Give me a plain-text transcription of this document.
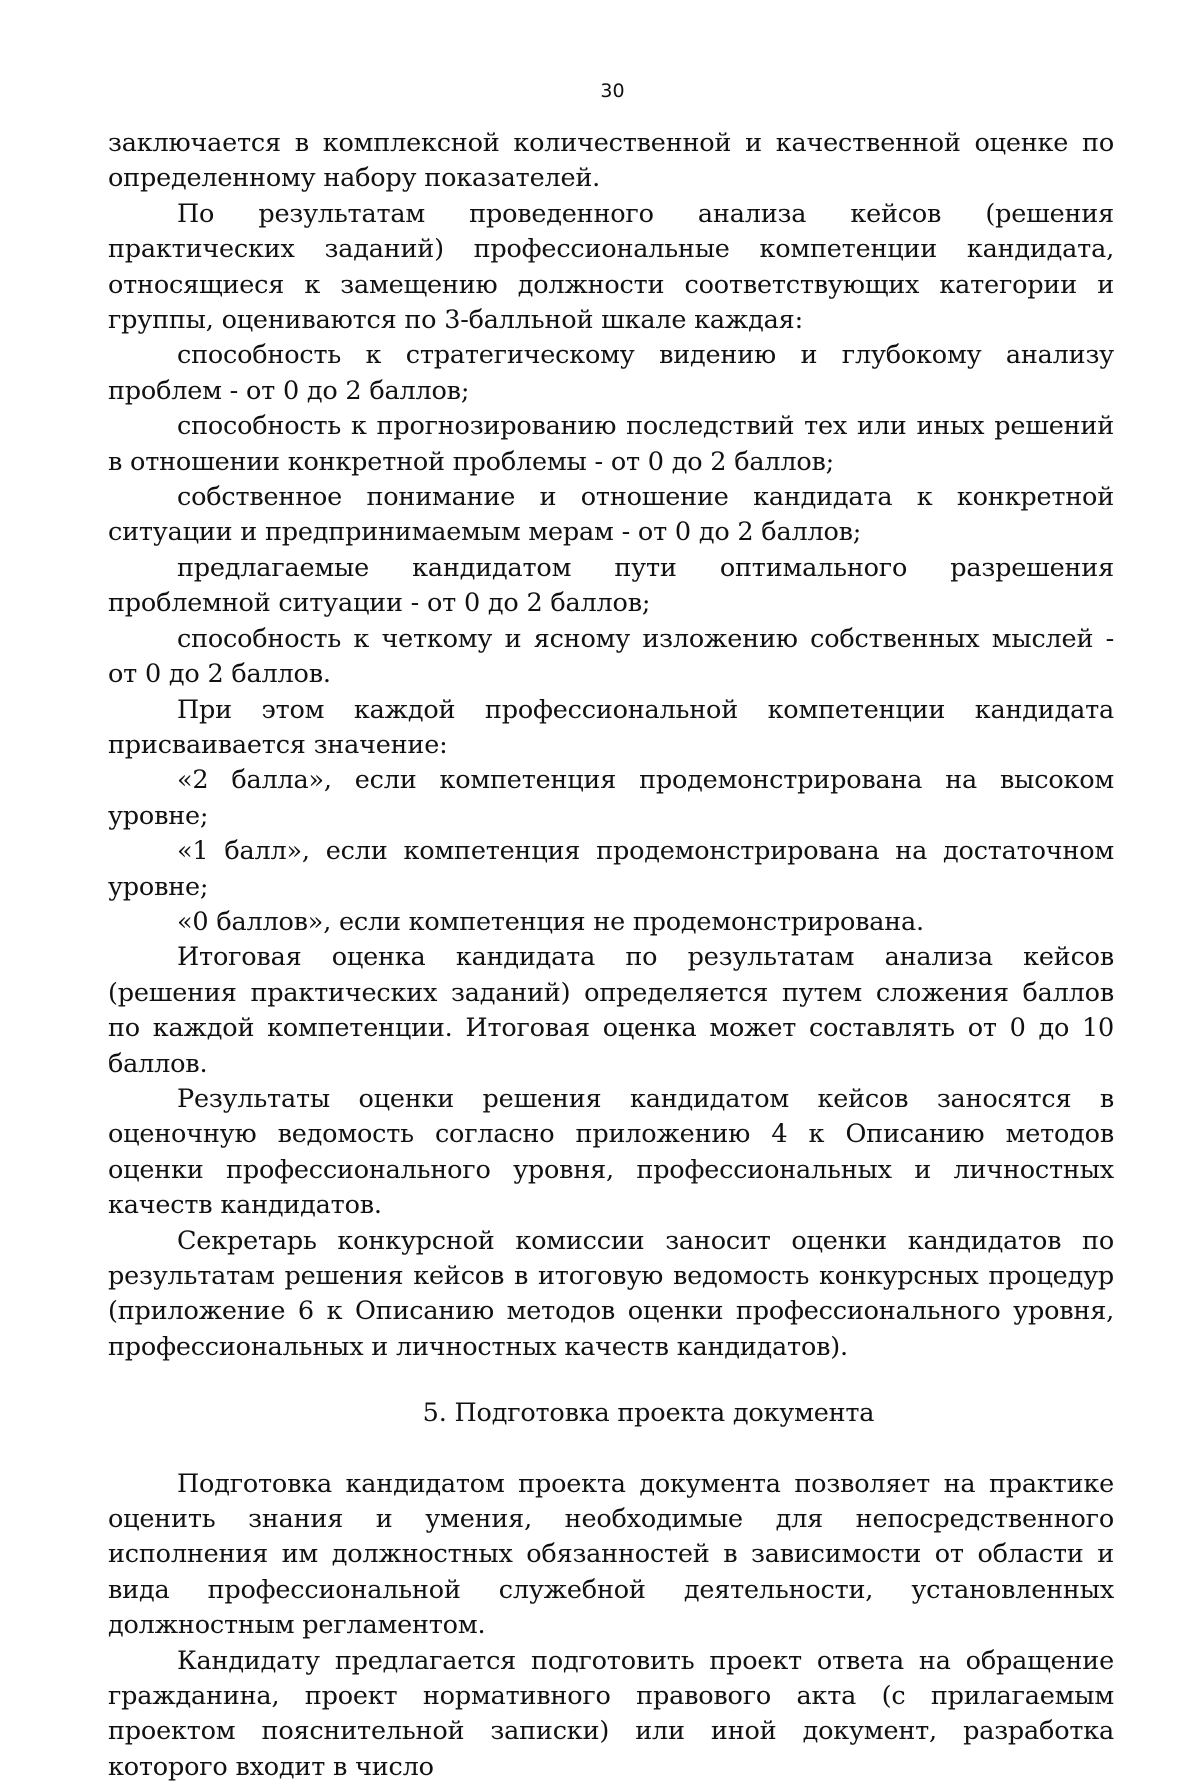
30

заключается в комплексной количественной и качественной оценке по определенному набору показателей.

По результатам проведенного анализа кейсов (решения практических заданий) профессиональные компетенции кандидата, относящиеся к замещению должности соответствующих категории и группы, оцениваются по 3-балльной шкале каждая:

способность к стратегическому видению и глубокому анализу проблем - от 0 до 2 баллов;

способность к прогнозированию последствий тех или иных решений в отношении конкретной проблемы - от 0 до 2 баллов;

собственное понимание и отношение кандидата к конкретной ситуации и предпринимаемым мерам - от 0 до 2 баллов;

предлагаемые кандидатом пути оптимального разрешения проблемной ситуации - от 0 до 2 баллов;

способность к четкому и ясному изложению собственных мыслей - от 0 до 2 баллов.

При этом каждой профессиональной компетенции кандидата присваивается значение:

«2 балла», если компетенция продемонстрирована на высоком уровне;

«1 балл», если компетенция продемонстрирована на достаточном уровне;

«0 баллов», если компетенция не продемонстрирована.

Итоговая оценка кандидата по результатам анализа кейсов (решения практических заданий) определяется путем сложения баллов по каждой компетенции. Итоговая оценка может составлять от 0 до 10 баллов.

Результаты оценки решения кандидатом кейсов заносятся в оценочную ведомость согласно приложению 4 к Описанию методов оценки профессионального уровня, профессиональных и личностных качеств кандидатов.

Секретарь конкурсной комиссии заносит оценки кандидатов по результатам решения кейсов в итоговую ведомость конкурсных процедур (приложение 6 к Описанию методов оценки профессионального уровня, профессиональных и личностных качеств кандидатов).

5. Подготовка проекта документа

Подготовка кандидатом проекта документа позволяет на практике оценить знания и умения, необходимые для непосредственного исполнения им должностных обязанностей в зависимости от области и вида профессиональной служебной деятельности, установленных должностным регламентом.

Кандидату предлагается подготовить проект ответа на обращение гражданина, проект нормативного правового акта (с прилагаемым проектом пояснительной записки) или иной документ, разработка которого входит в число
